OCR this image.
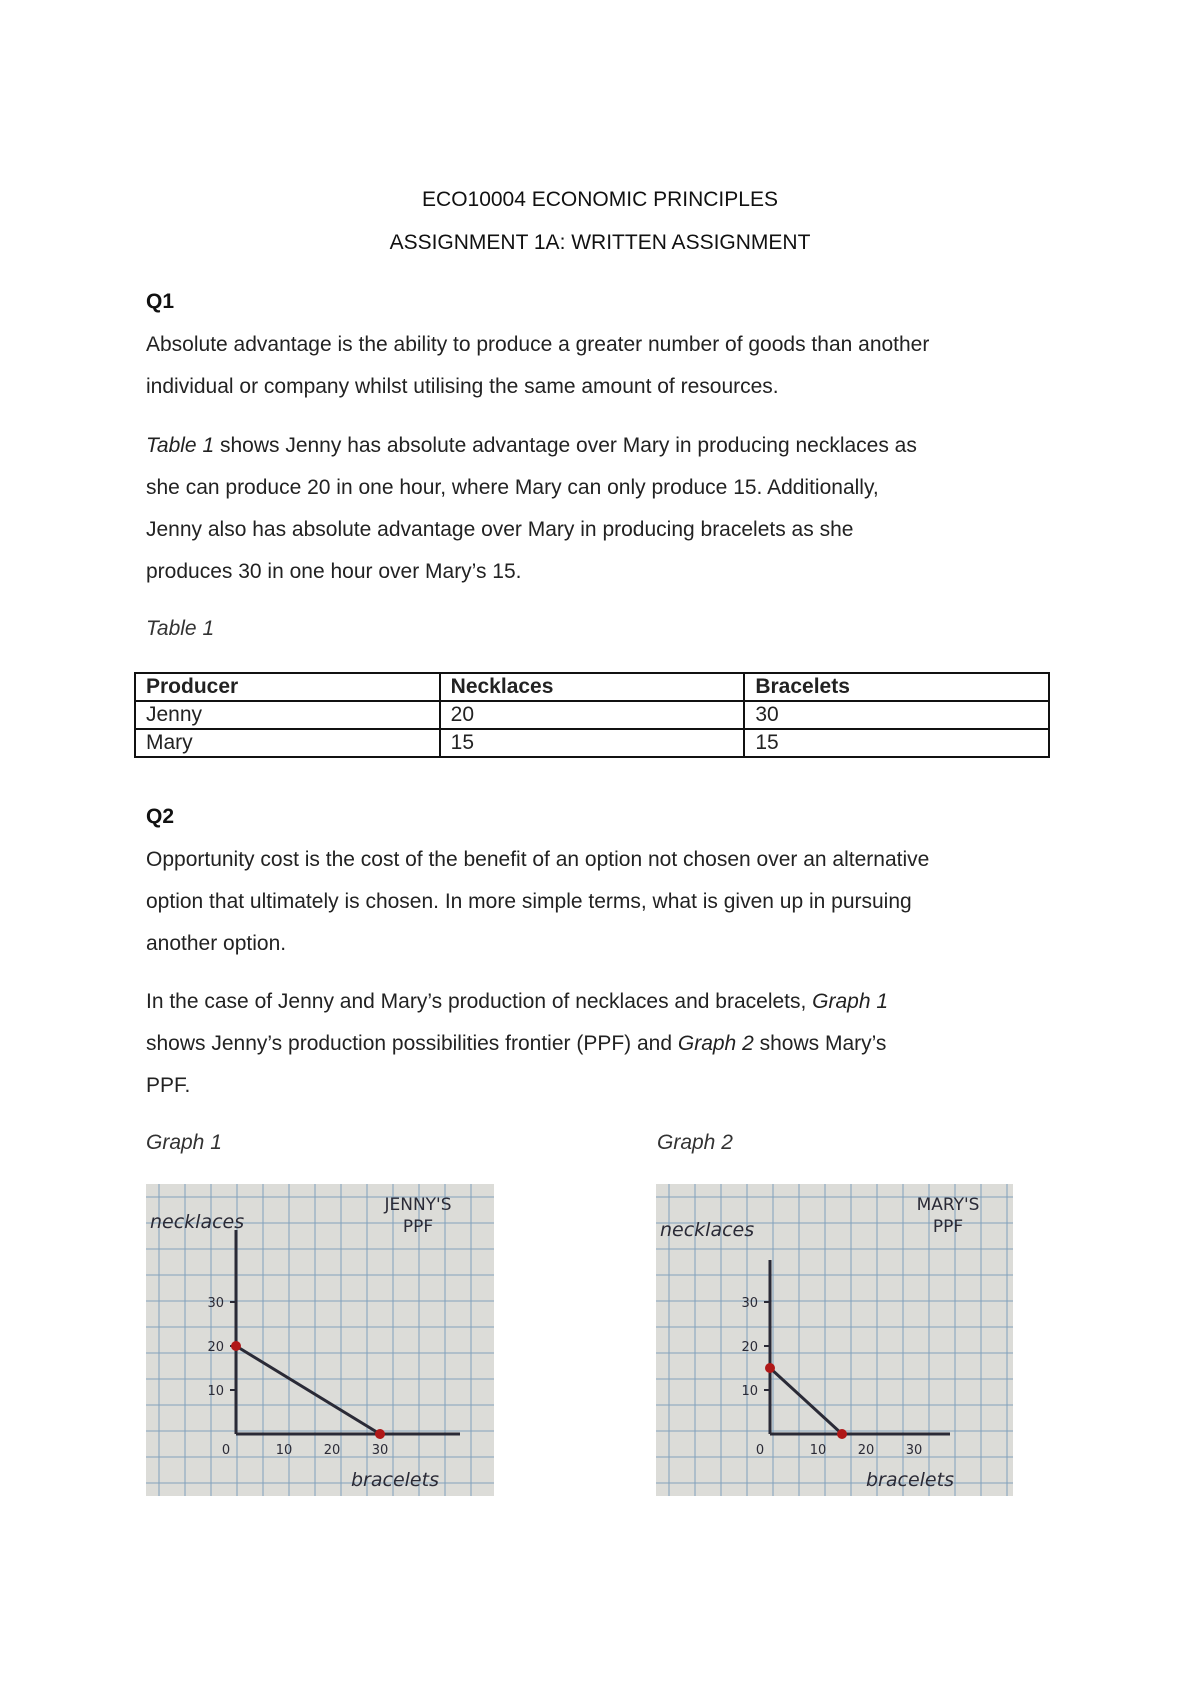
ECO10004 ECONOMIC PRINCIPLES
ASSIGNMENT 1A: WRITTEN ASSIGNMENT
Q1
Absolute advantage is the ability to produce a greater number of goods than another
individual or company whilst utilising the same amount of resources.
Table 1 shows Jenny has absolute advantage over Mary in producing necklaces as
she can produce 20 in one hour, where Mary can only produce 15. Additionally,
Jenny also has absolute advantage over Mary in producing bracelets as she
produces 30 in one hour over Mary’s 15.
Table 1
Producer	Necklaces	Bracelets
Jenny	20	30
Mary	15	15
Q2
Opportunity cost is the cost of the benefit of an option not chosen over an alternative
option that ultimately is chosen. In more simple terms, what is given up in pursuing
another option.
In the case of Jenny and Mary’s production of necklaces and bracelets, Graph 1
shows Jenny’s production possibilities frontier (PPF) and Graph 2 shows Mary’s
PPF.
Graph 1	Graph 2
10
20
30
0	10 20 30
necklaces
bracelets
JENNY'S
PPF
10
20
30
0	10 20 30
necklaces
bracelets
MARY'S
PPF
